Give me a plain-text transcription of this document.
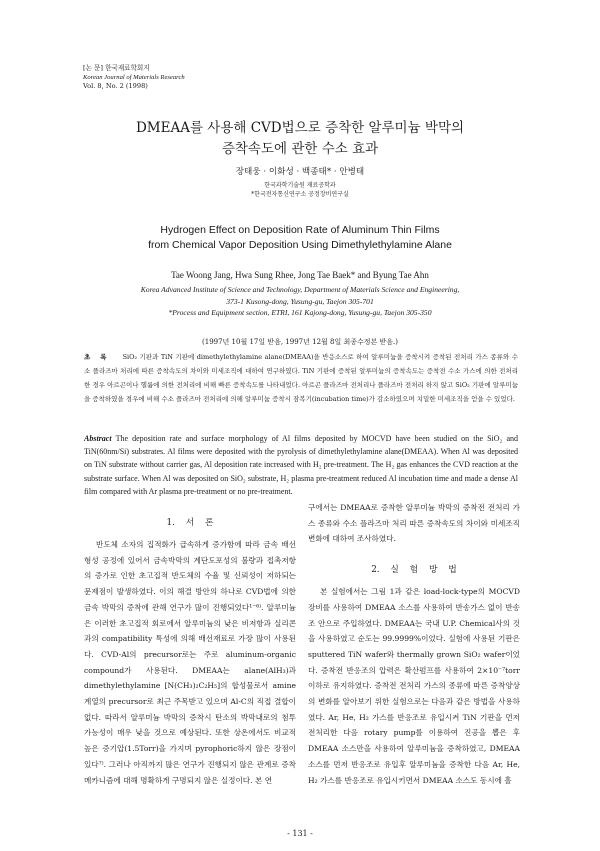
[논 문] 한국재료학회지
Korean Journal of Materials Research
Vol. 8, No. 2 (1998)
DMEAA를 사용해 CVD법으로 증착한 알루미늄 박막의
증착속도에 관한 수소 효과
장태웅 · 이화성 · 백종태* · 안병태
한국과학기술원 재료공학과
*한국전자통신연구소 공정장비연구실
Hydrogen Effect on Deposition Rate of Aluminum Thin Films
from Chemical Vapor Deposition Using Dimethylethylamine Alane
Tae Woong Jang, Hwa Sung Rhee, Jong Tae Baek* and Byung Tae Ahn
Korea Advanced Institute of Science and Technology, Department of Materials Science and Engineering,
373-1 Kusong-dong, Yusung-gu, Taejon 305-701
*Process and Equipment section, ETRI, 161 Kajong-dong, Yusung-gu, Taejon 305-350
(1997년 10월 17일 받음, 1997년 12월 8일 최종수정본 받음.)
초록 SiO₂ 기판과 TiN 기판에 dimethylethylamine alane(DMEAA)을 반응소스로 하여 알루미늄을 증착시켜 증착된 전처리 가스 종류와 수소 플라즈마 처리에 따른 증착속도의 차이와 미세조직에 대하여 연구하였다. TiN 기판에 증착된 알루미늄의 증착속도는 증착전 수소 가스에 의한 전처리한 경우 아르곤이나 헬륨에 의한 전처리에 비해 빠른 증착속도를 나타내었다. 아르곤 플라즈마 전처리나 플라즈마 전처리 하지 않고 SiO₂ 기판에 알루미늄을 증착하였을 경우에 비해 수소 플라즈마 전처리에 의해 알루미늄 증착시 잠복기(incubation time)가 감소하였으며 치밀한 미세조직을 얻을 수 있었다.
Abstract The deposition rate and surface morphology of Al films deposited by MOCVD have been studied on the SiO₂ and TiN(60nm/Si) substrates. Al films were deposited with the pyrolysis of dimethylethylamine alane(DMEAA). When Al was deposited on TiN substrate without carrier gas, Al deposition rate increased with H₂ pre-treatment. The H₂ gas enhances the CVD reaction at the substrate surface. When Al was deposited on SiO₂ substrate, H₂ plasma pre-treatment reduced Al incubation time and made a dense Al film compared with Ar plasma pre-treatment or no pre-treatment.
1. 서 론

반도체 소자의 집적화가 급속하게 증가함에 따라 금속 배선 형성 공정에 있어서 금속박막의 계단도포성의 불량과 접촉저항의 증가로 인한 초고집적 반도체의 수율 및 신뢰성이 저하되는 문제점이 발생하였다. 이의 해결 방안의 하나로 CVD법에 의한 금속 박막의 증착에 관해 연구가 많이 진행되었다¹⁻⁶⁾. 알루미늄은 이러한 초고집적 회로에서 알루미늄의 낮은 비저항과 실리콘과의 compatibility 특성에 의해 배선재료로 가장 많이 사용된다. CVD-Al의 precursor로는 주로 aluminum-organic compound가 사용된다. DMEAA는 alane(AlH₃)과 dimethylethylamine [N(CH₃)₂C₂H₅]의 합성물로서 amine 계열의 precursor로 최근 주목받고 있으며 Al-C의 직접 결합이 없다. 따라서 알루미늄 박막의 증착시 탄소의 박막내로의 첨투 가능성이 매우 낮을 것으로 예상된다. 또한 상온에서도 비교적 높은 증기압(1.5Torr)을 가지며 pyrophoric하지 않은 장점이 있다⁷⁾. 그러나 아직까지 많은 연구가 진행되지 않은 관계로 증착 메카니즘에 대해 명확하게 구명되지 않은 실정이다. 본 연

구에서는 DMEAA로 증착한 알루미늄 박막의 증착전 전처리 가스 종류와 수소 플라즈마 처리 따른 증착속도의 차이와 미세조직 변화에 대하여 조사하였다.

2. 실 험 방 법

본 실험에서는 그림 1과 같은 load-lock-type의 MOCVD 장비를 사용하여 DMEAA 소스를 사용하여 반송가스 없이 반송조 안으로 주입하였다. DMEAA는 국내 U.P. Chemical사의 것을 사용하였고 순도는 99.9999%이었다. 실험에 사용된 기판은 sputtered TiN wafer와 thermally grown SiO₂ wafer이었다. 증착전 반응조의 압력은 확산펌프를 사용하여 2×10⁻⁷torr 이하로 유지하였다. 증착전 전처리 가스의 종류에 따른 증착양상의 변화를 알아보기 위한 실험으로는 다음과 같은 방법을 사용하였다. Ar, He, H₂ 가스를 반응조로 유입시켜 TiN 기판을 먼저 전처리한 다음 rotary pump를 이용하여 진공을 뽑은 후 DMEAA 소스만을 사용하여 알루미늄을 증착하였고, DMEAA 소스를 먼저 반응조로 유입후 알루미늄을 증착한 다음 Ar, He, H₂ 가스를 반응조로 유입시키면서 DMEAA 소스도 동시에 흘

- 131 -
